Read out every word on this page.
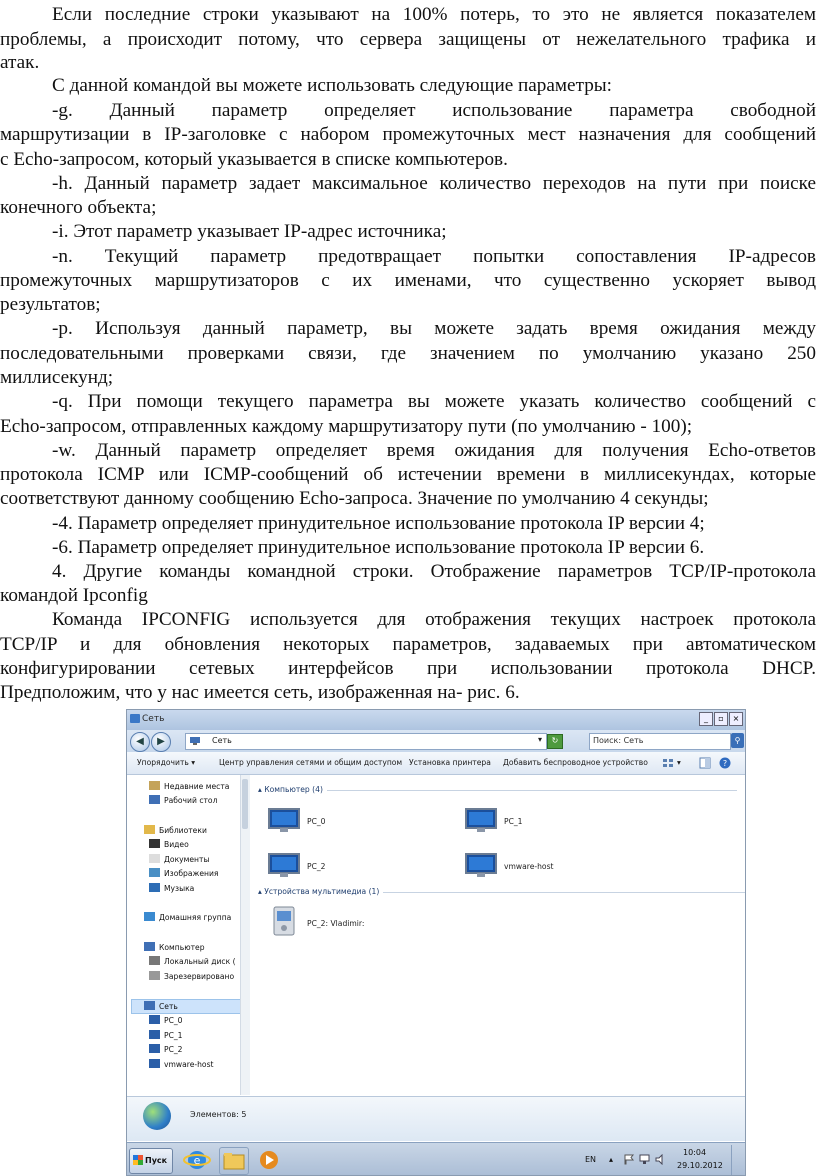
Если последние строки указывают на 100% потерь, то это не является показателем
проблемы, а происходит потому, что сервера защищены от нежелательного трафика и
атак.
С данной командой вы можете использовать следующие параметры:
-g. Данный параметр определяет использование параметра свободной
маршрутизации в IP-заголовке с набором промежуточных мест назначения для сообщений
с Echo-запросом, который указывается в списке компьютеров.
-h. Данный параметр задает максимальное количество переходов на пути при поиске
конечного объекта;
-i. Этот параметр указывает IP-адрес источника;
-n. Текущий параметр предотвращает попытки сопоставления IP-адресов
промежуточных маршрутизаторов с их именами, что существенно ускоряет вывод
результатов;
-p. Используя данный параметр, вы можете задать время ожидания между
последовательными проверками связи, где значением по умолчанию указано 250
миллисекунд;
-q. При помощи текущего параметра вы можете указать количество сообщений с
Echo-запросом, отправленных каждому маршрутизатору пути (по умолчанию - 100);
-w. Данный параметр определяет время ожидания для получения Echo-ответов
протокола ICMP или ICMP-сообщений об истечении времени в миллисекундах, которые
соответствуют данному сообщению Echo-запроса. Значение по умолчанию 4 секунды;
-4. Параметр определяет принудительное использование протокола IP версии 4;
-6. Параметр определяет принудительное использование протокола IP версии 6.
4. Другие команды командной строки. Отображение параметров TCP/IP-протокола
командой Ipconfig
Команда IPCONFIG используется для отображения текущих настроек протокола
TCP/IP и для обновления некоторых параметров, задаваемых при автоматическом
конфигурировании сетевых интерфейсов при использовании протокола DHCP.
Предположим, что у нас имеется сеть, изображенная на- рис. 6.
Сеть	_	▫	×
◀	▶	Сеть	▾	↻	Поиск: Сеть	⚲
Упорядочить ▾	Центр управления сетями и общим доступом Установка принтера Добавить беспроводное устройство	▾	?
Недавние места
Рабочий стол
Библиотеки
Видео
Документы
Изображения
Музыка
Домашняя группа
Компьютер
Локальный диск (
Зарезервировано
Сеть
PC_0
PC_1
PC_2
vmware-host
▴ Компьютер (4)
PC_0	PC_1
PC_2	vmware-host
▴ Устройства мультимедиа (1)
PC_2: Vladimir:
Элементов: 5
Пуск e	EN ▴
10:04
29.10.2012
